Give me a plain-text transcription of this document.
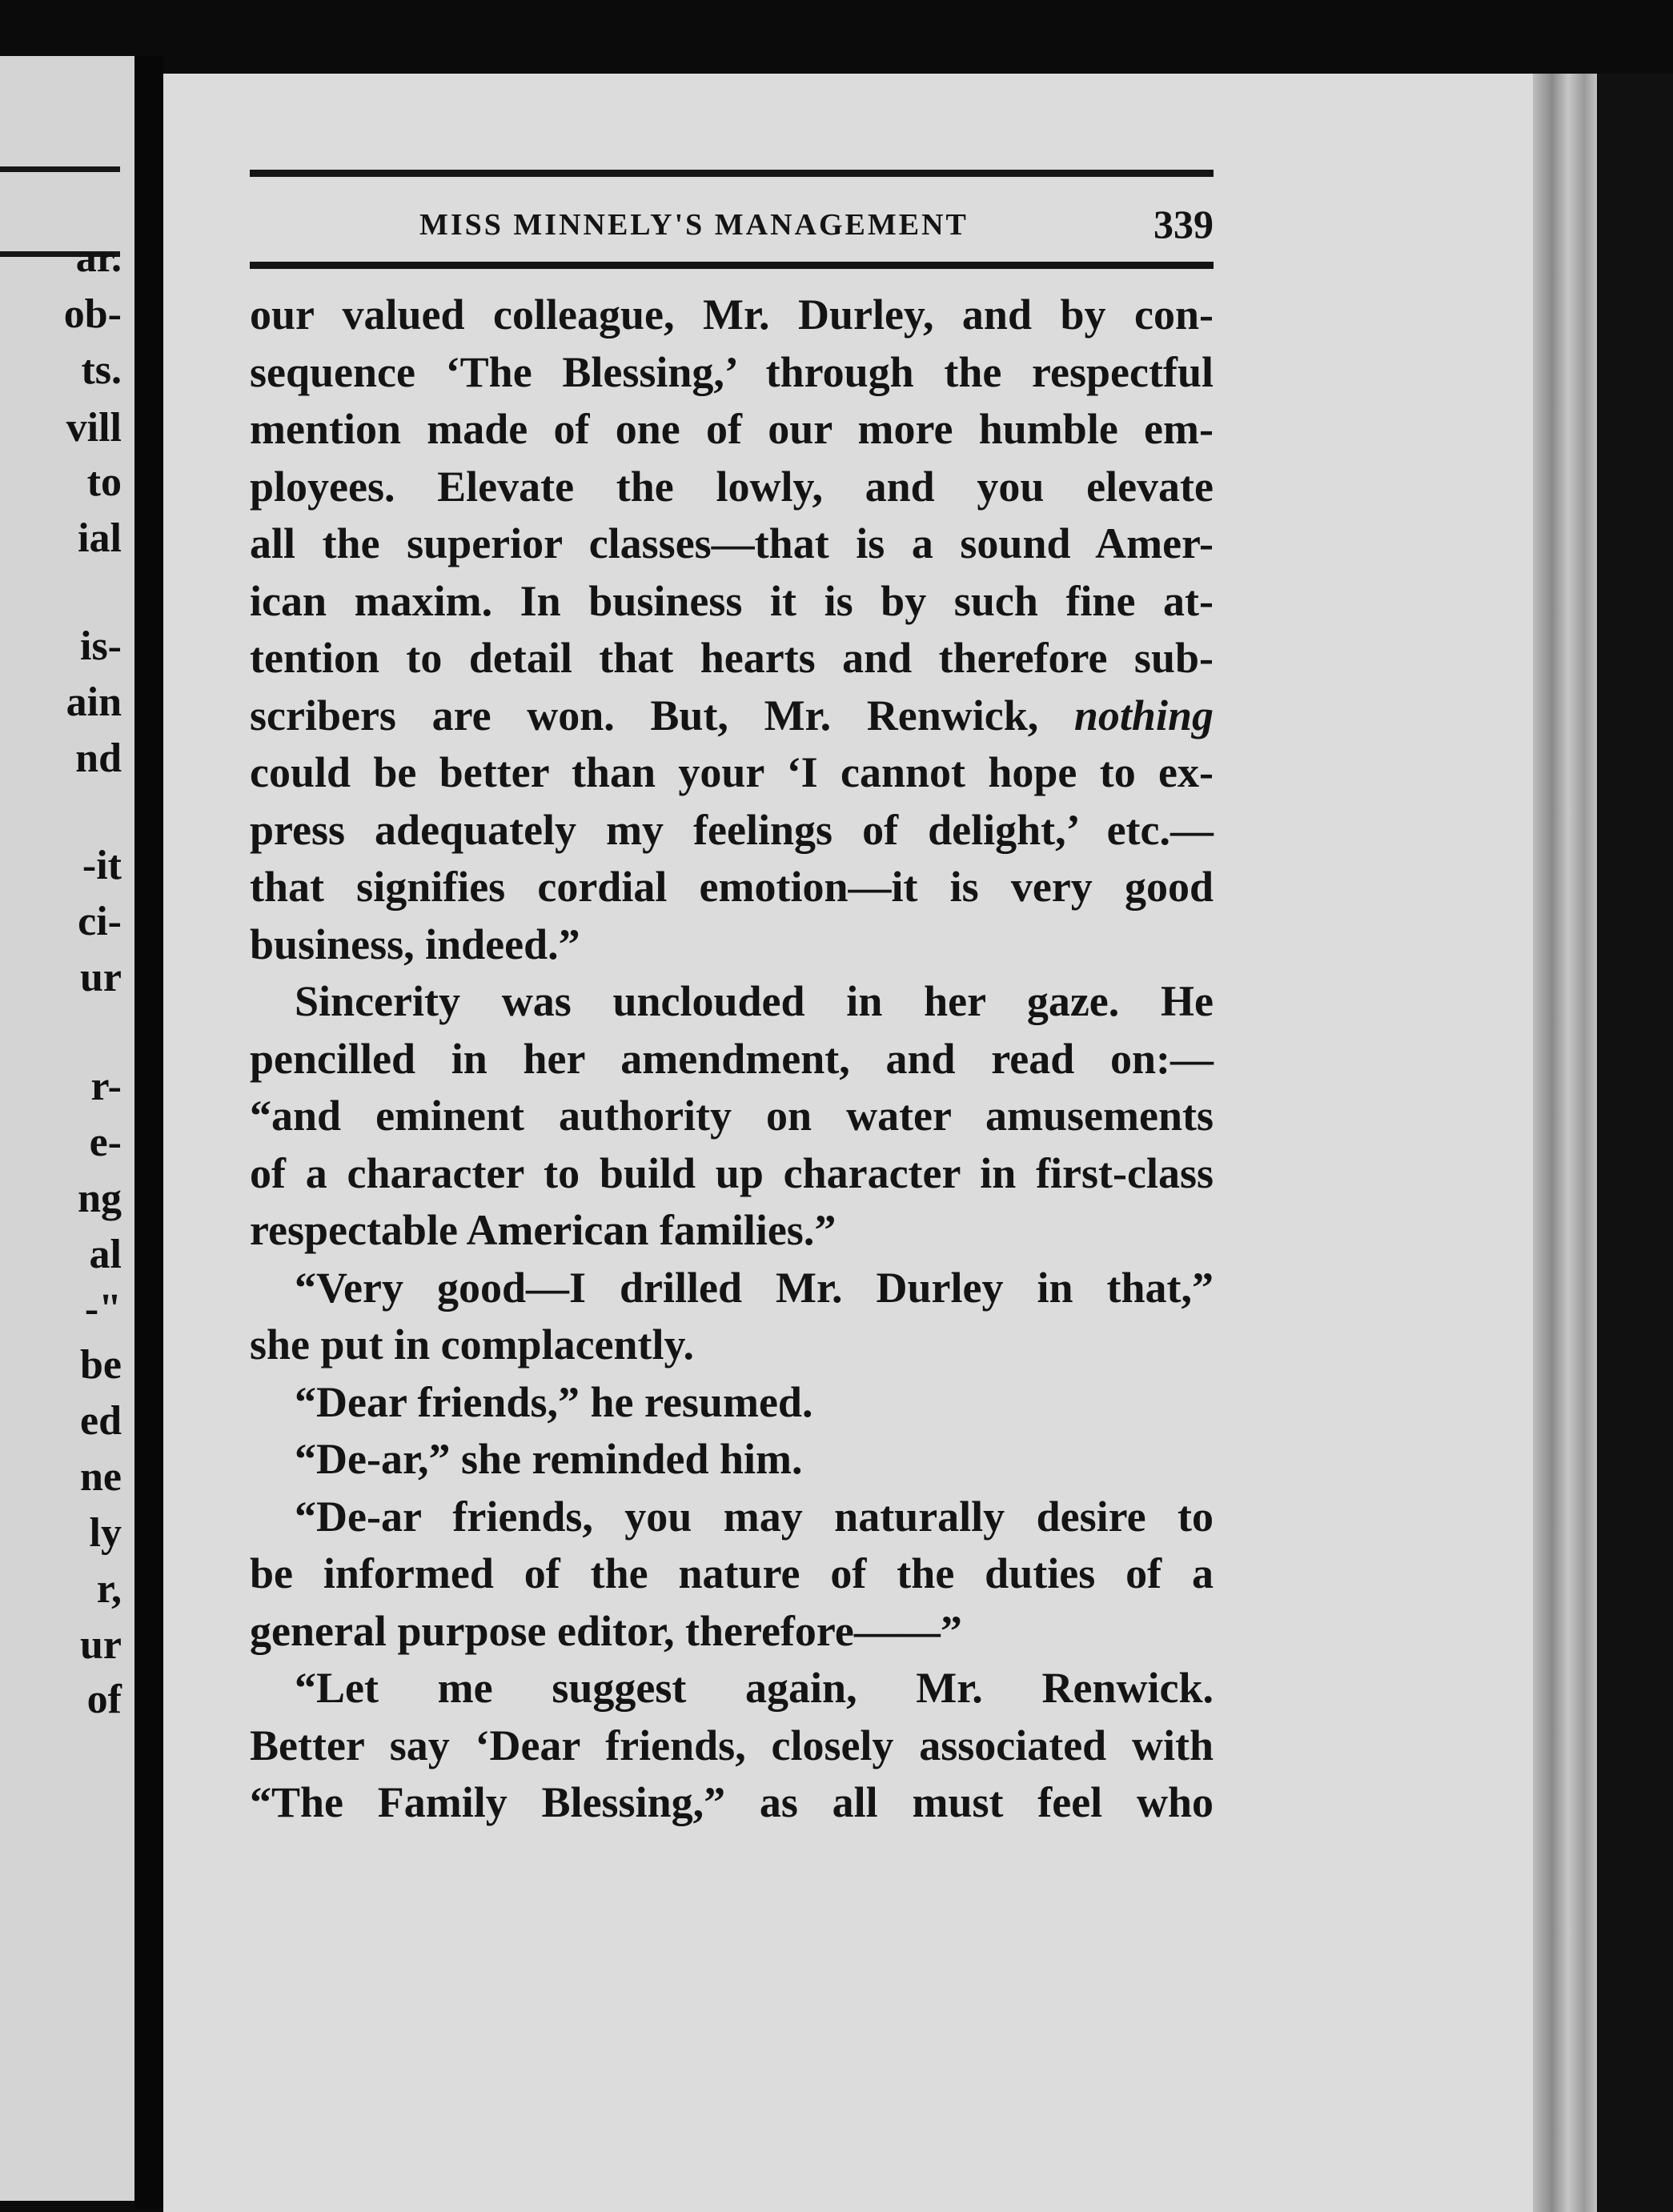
ar.
ob-
ts.
vill
to
ial
is-
ain
nd
-it
ci-
ur
r-
e-
ng
al
-"
be
ed
ne
ly
r,
ur
of
MISS MINNELY'S MANAGEMENT	339
our valued colleague, Mr. Durley, and by con-
sequence ‘The Blessing,’ through the respectful
mention made of one of our more humble em-
ployees. Elevate the lowly, and you elevate
all the superior classes—that is a sound Amer-
ican maxim. In business it is by such fine at-
tention to detail that hearts and therefore sub-
scribers are won. But, Mr. Renwick, nothing
could be better than your ‘I cannot hope to ex-
press adequately my feelings of delight,’ etc.—
that signifies cordial emotion—it is very good
business, indeed.”
Sincerity was unclouded in her gaze. He
pencilled in her amendment, and read on:—
“and eminent authority on water amusements
of a character to build up character in first-class
respectable American families.”
“Very good—I drilled Mr. Durley in that,”
she put in complacently.
“Dear friends,” he resumed.
“De-ar,” she reminded him.
“De-ar friends, you may naturally desire to
be informed of the nature of the duties of a
general purpose editor, therefore——”
“Let me suggest again, Mr. Renwick.
Better say ‘Dear friends, closely associated with
“The Family Blessing,” as all must feel who
